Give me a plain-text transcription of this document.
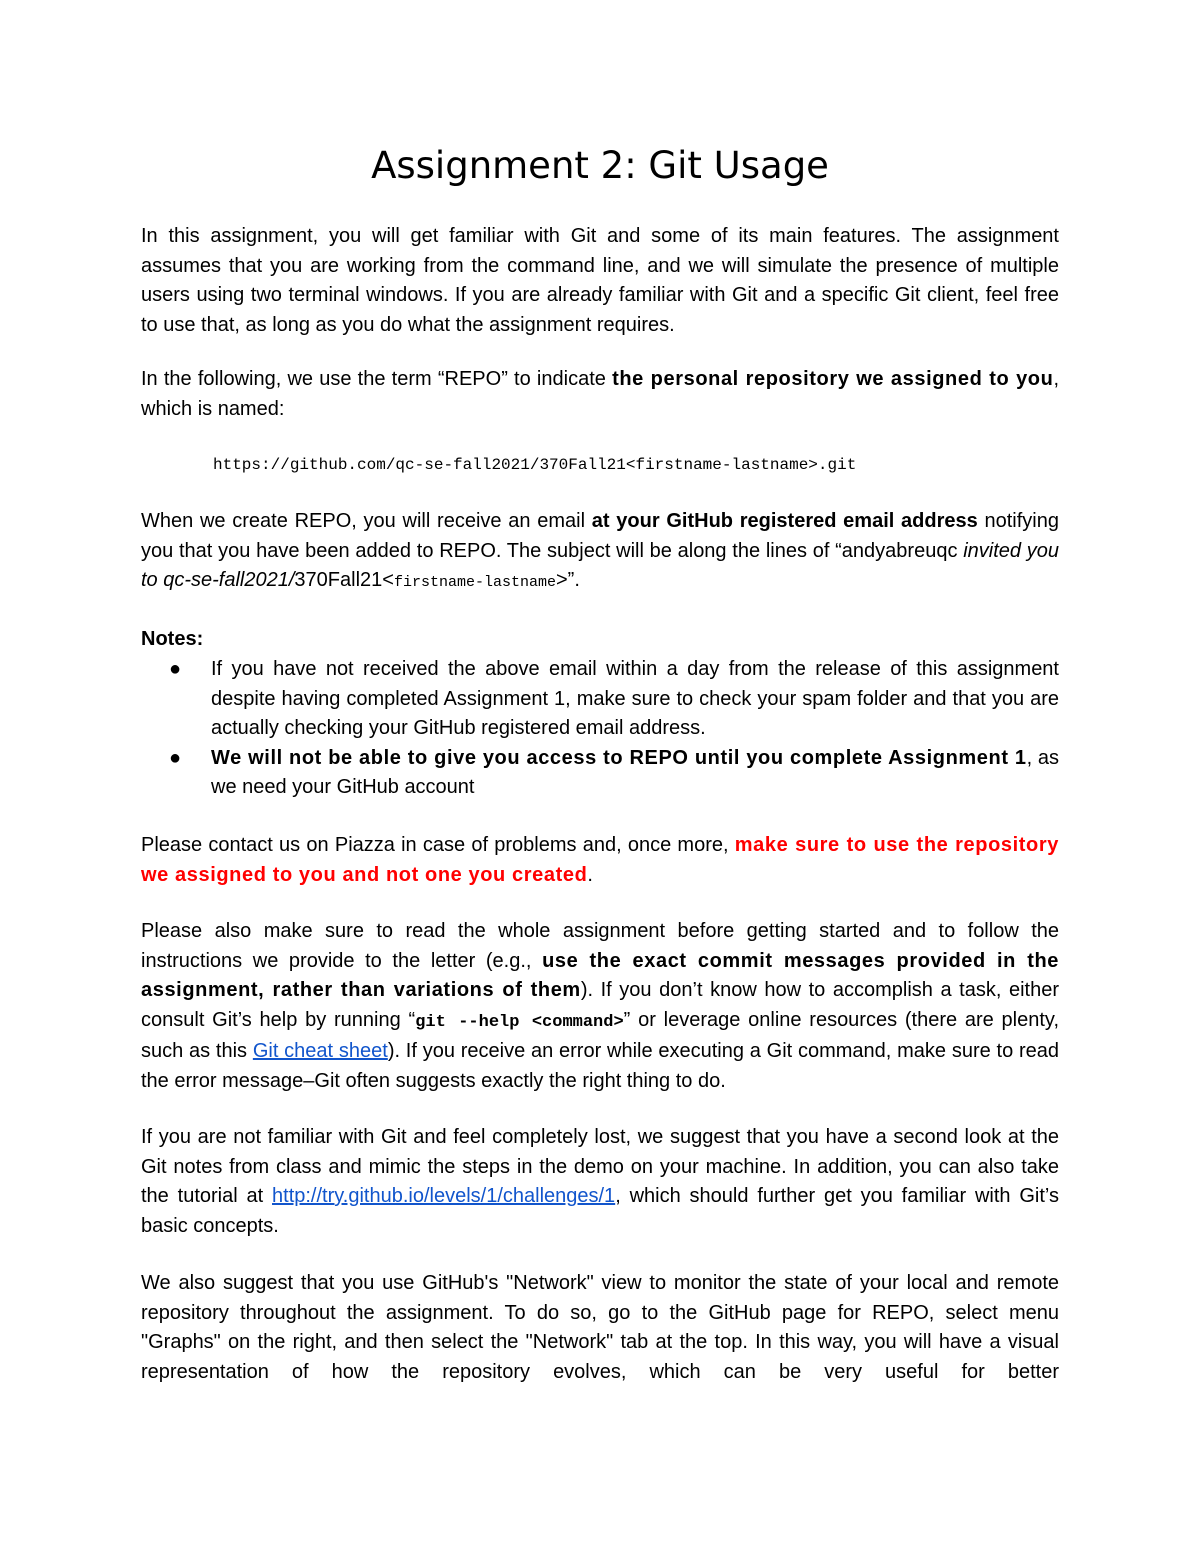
Assignment 2: Git Usage

In this assignment, you will get familiar with Git and some of its main features. The assignment assumes that you are working from the command line, and we will simulate the presence of multiple users using two terminal windows. If you are already familiar with Git and a specific Git client, feel free to use that, as long as you do what the assignment requires.

In the following, we use the term “REPO” to indicate the personal repository we assigned to you, which is named:

https://github.com/qc-se-fall2021/370Fall21<firstname-lastname>.git

When we create REPO, you will receive an email at your GitHub registered email address notifying you that you have been added to REPO. The subject will be along the lines of “andyabreuqc invited you to qc-se-fall2021/370Fall21<firstname-lastname>”.

Notes:

● If you have not received the above email within a day from the release of this assignment despite having completed Assignment 1, make sure to check your spam folder and that you are actually checking your GitHub registered email address.
● We will not be able to give you access to REPO until you complete Assignment 1, as we need your GitHub account

Please contact us on Piazza in case of problems and, once more, make sure to use the repository we assigned to you and not one you created.

Please also make sure to read the whole assignment before getting started and to follow the instructions we provide to the letter (e.g., use the exact commit messages provided in the assignment, rather than variations of them). If you don’t know how to accomplish a task, either consult Git’s help by running “git --help <command>” or leverage online resources (there are plenty, such as this Git cheat sheet). If you receive an error while executing a Git command, make sure to read the error message–Git often suggests exactly the right thing to do.

If you are not familiar with Git and feel completely lost, we suggest that you have a second look at the Git notes from class and mimic the steps in the demo on your machine. In addition, you can also take the tutorial at http://try.github.io/levels/1/challenges/1, which should further get you familiar with Git’s basic concepts.

We also suggest that you use GitHub's "Network" view to monitor the state of your local and remote repository throughout the assignment. To do so, go to the GitHub page for REPO, select menu "Graphs" on the right, and then select the "Network" tab at the top. In this way, you will have a visual representation of how the repository evolves, which can be very useful for better
